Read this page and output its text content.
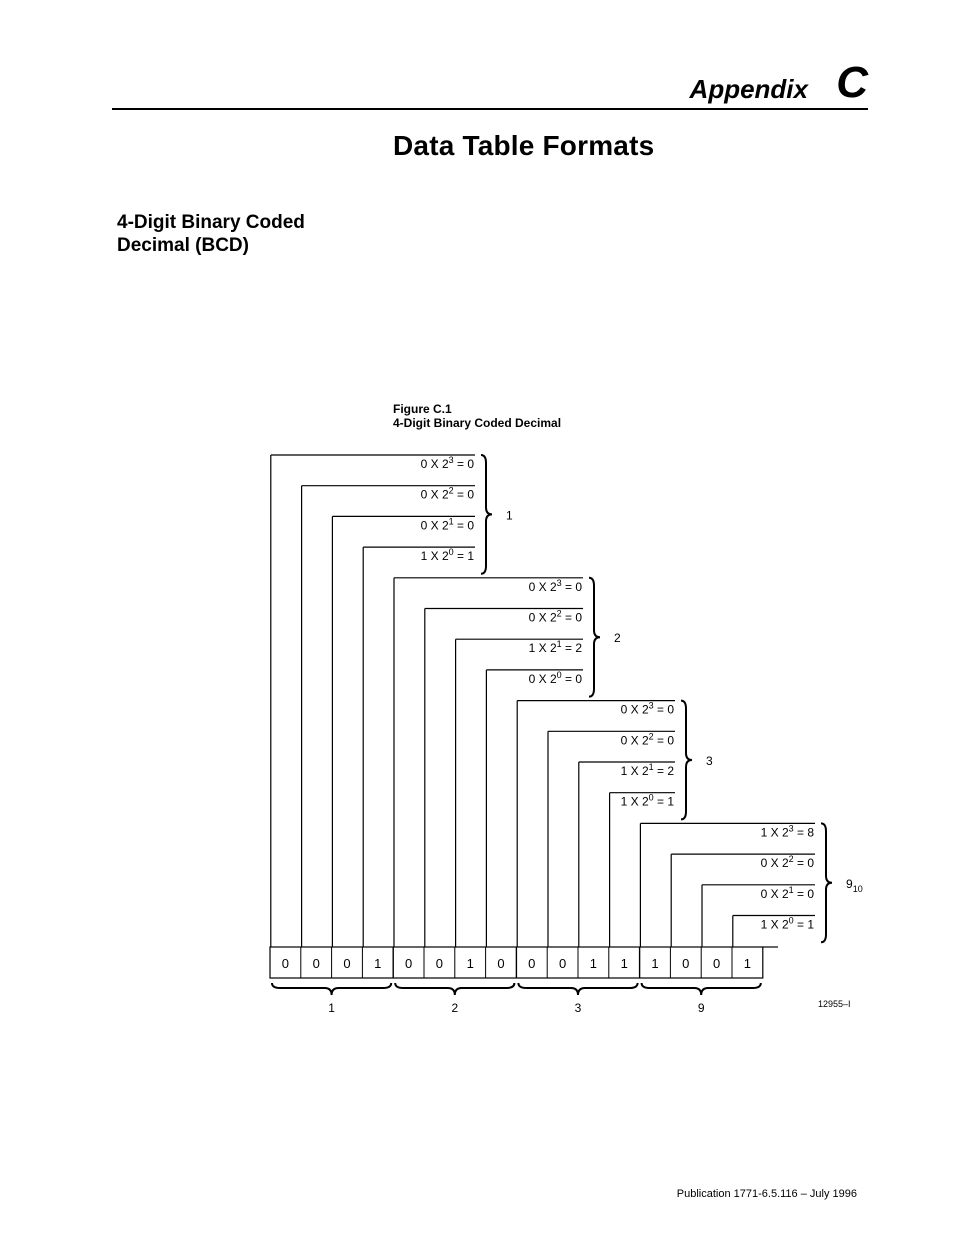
Appendix C
Data Table Formats
4-Digit Binary Coded
Decimal (BCD)
Figure C.1
4-Digit Binary Coded Decimal
0 0 0 1 0 0 1 0 0 0 1 1 1 0 0 1
0 X $2^3 = 0$
0 X $2^2 = 0$
0 X $2^1 = 0$
1 X $2^0 = 1$
0 X $2^3 = 0$
0 X $2^2 = 0$
1 X $2^1 = 2$
0 X $2^0 = 0$
0 X $2^3 = 0$
0 X $2^2 = 0$
1 X $2^1 = 2$
1 X $2^0 = 1$
1 X $2^3 = 8$
0 X $2^2 = 0$
0 X $2^1 = 0$
1 X $2^0 = 1$
1
2
3
$9_{10}$
1	2	3	9	12955–I
Publication 1771-6.5.116 – July 1996
